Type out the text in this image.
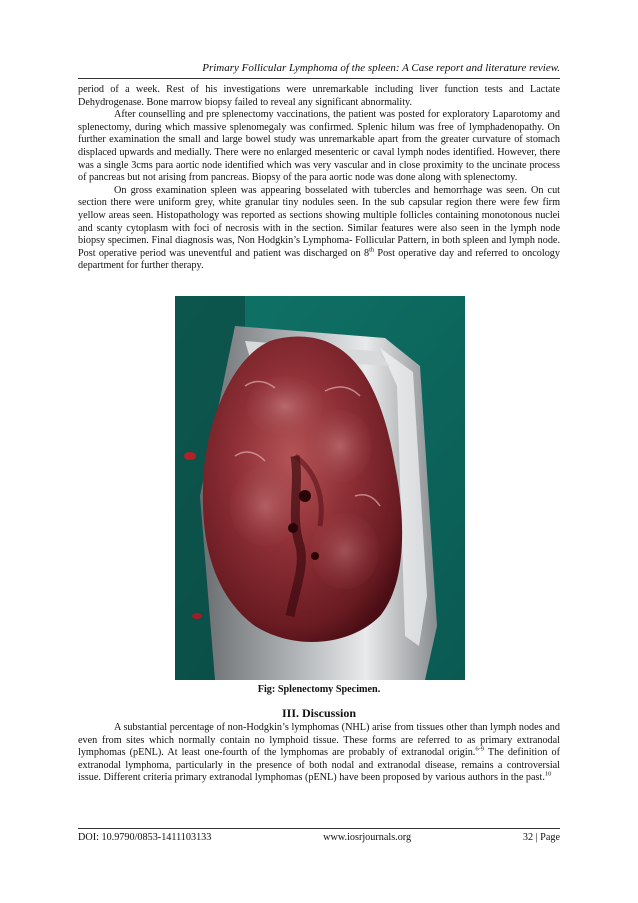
Primary Follicular Lymphoma of the spleen: A Case report and literature review.

period of a week. Rest of his investigations were unremarkable including liver function tests and Lactate Dehydrogenase. Bone marrow biopsy failed to reveal any significant abnormality.

After counselling and pre splenectomy vaccinations, the patient was posted for exploratory Laparotomy and splenectomy, during which massive splenomegaly was confirmed. Splenic hilum was free of lymphadenopathy. On further examination the small and large bowel study was unremarkable apart from the greater curvature of stomach displaced upwards and medially. There were no enlarged mesenteric or caval lymph nodes identified. However, there was a single 3cms para aortic node identified which was very vascular and in close proximity to the uncinate process of pancreas but not arising from pancreas. Biopsy of the para aortic node was done along with splenectomy.

On gross examination spleen was appearing bosselated with tubercles and hemorrhage was seen. On cut section there were uniform grey, white granular tiny nodules seen. In the sub capsular region there were few firm yellow areas seen. Histopathology was reported as sections showing multiple follicles containing monotonous nuclei and scanty cytoplasm with foci of necrosis with in the section. Similar features were also seen in the lymph node biopsy specimen. Final diagnosis was, Non Hodgkin’s Lymphoma- Follicular Pattern, in both spleen and lymph node. Post operative period was uneventful and patient was discharged on 8th Post operative day and referred to oncology department for further therapy.

Fig: Splenectomy Specimen.
III. Discussion

A substantial percentage of non-Hodgkin’s lymphomas (NHL) arise from tissues other than lymph nodes and even from sites which normally contain no lymphoid tissue. These forms are referred to as primary extranodal lymphomas (pENL). At least one-fourth of the lymphomas are probably of extranodal origin.$^{6-9}$ The definition of extranodal lymphoma, particularly in the presence of both nodal and extranodal disease, remains a controversial issue. Different criteria primary extranodal lymphomas (pENL) have been proposed by various authors in the past.$^{10}$

DOI: 10.9790/0853-1411103133	www.iosrjournals.org	32 | Page
